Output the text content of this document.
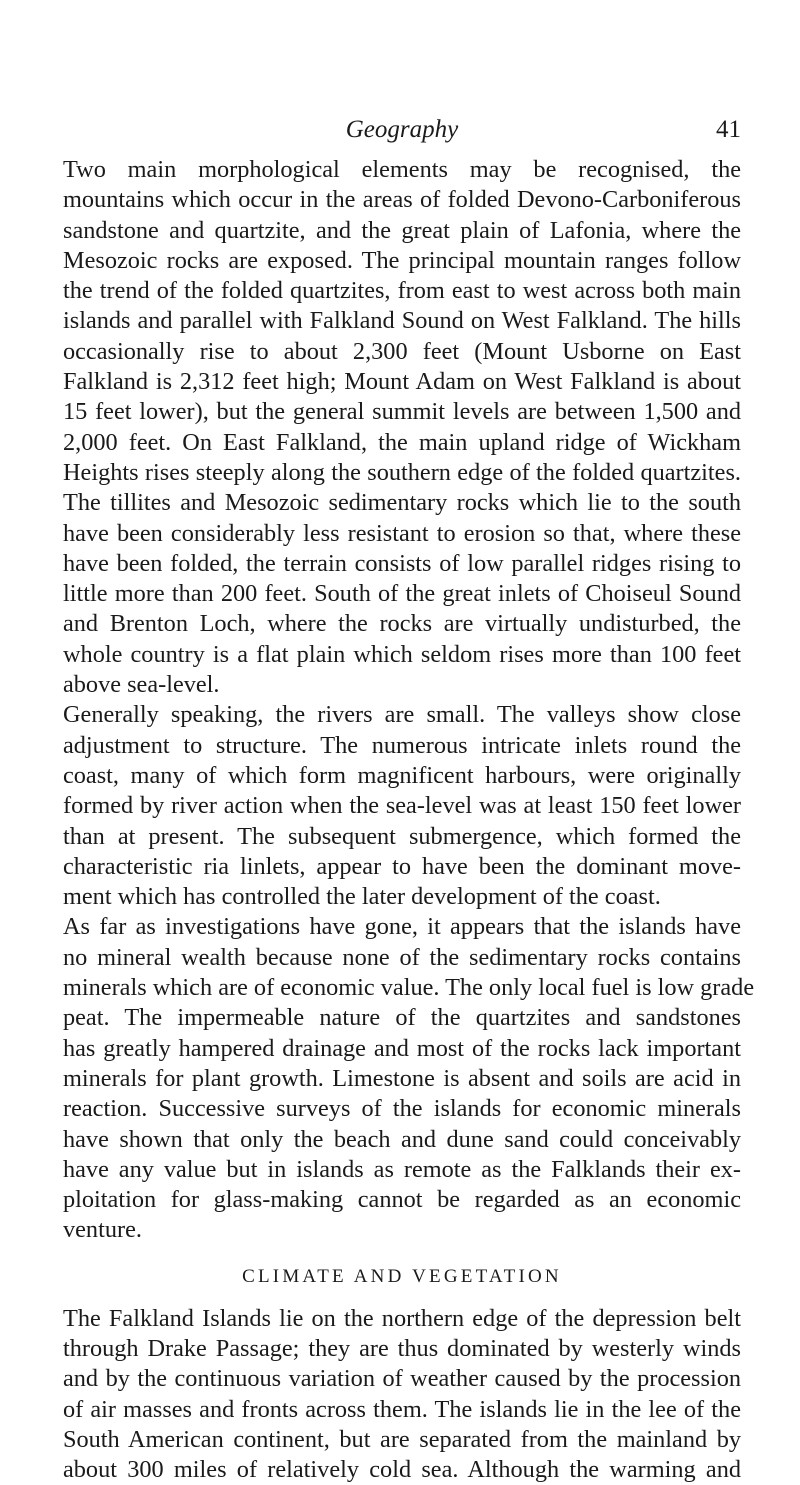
Geography	41
Two main morphological elements may be recognised, the
mountains which occur in the areas of folded Devono-Carboniferous
sandstone and quartzite, and the great plain of Lafonia, where the
Mesozoic rocks are exposed. The principal mountain ranges follow
the trend of the folded quartzites, from east to west across both main
islands and parallel with Falkland Sound on West Falkland. The hills
occasionally rise to about 2,300 feet (Mount Usborne on East
Falkland is 2,312 feet high; Mount Adam on West Falkland is about
15 feet lower), but the general summit levels are between 1,500 and
2,000 feet. On East Falkland, the main upland ridge of Wickham
Heights rises steeply along the southern edge of the folded quartzites.
The tillites and Mesozoic sedimentary rocks which lie to the south
have been considerably less resistant to erosion so that, where these
have been folded, the terrain consists of low parallel ridges rising to
little more than 200 feet. South of the great inlets of Choiseul Sound
and Brenton Loch, where the rocks are virtually undisturbed, the
whole country is a flat plain which seldom rises more than 100 feet
above sea-level.
Generally speaking, the rivers are small. The valleys show close
adjustment to structure. The numerous intricate inlets round the
coast, many of which form magnificent harbours, were originally
formed by river action when the sea-level was at least 150 feet lower
than at present. The subsequent submergence, which formed the
characteristic ria linlets, appear to have been the dominant move-
ment which has controlled the later development of the coast.
As far as investigations have gone, it appears that the islands have
no mineral wealth because none of the sedimentary rocks contains
minerals which are of economic value. The only local fuel is low grade
peat. The impermeable nature of the quartzites and sandstones
has greatly hampered drainage and most of the rocks lack important
minerals for plant growth. Limestone is absent and soils are acid in
reaction. Successive surveys of the islands for economic minerals
have shown that only the beach and dune sand could conceivably
have any value but in islands as remote as the Falklands their ex-
ploitation for glass-making cannot be regarded as an economic
venture.
CLIMATE AND VEGETATION
The Falkland Islands lie on the northern edge of the depression belt
through Drake Passage; they are thus dominated by westerly winds
and by the continuous variation of weather caused by the procession
of air masses and fronts across them. The islands lie in the lee of the
South American continent, but are separated from the mainland by
about 300 miles of relatively cold sea. Although the warming and
